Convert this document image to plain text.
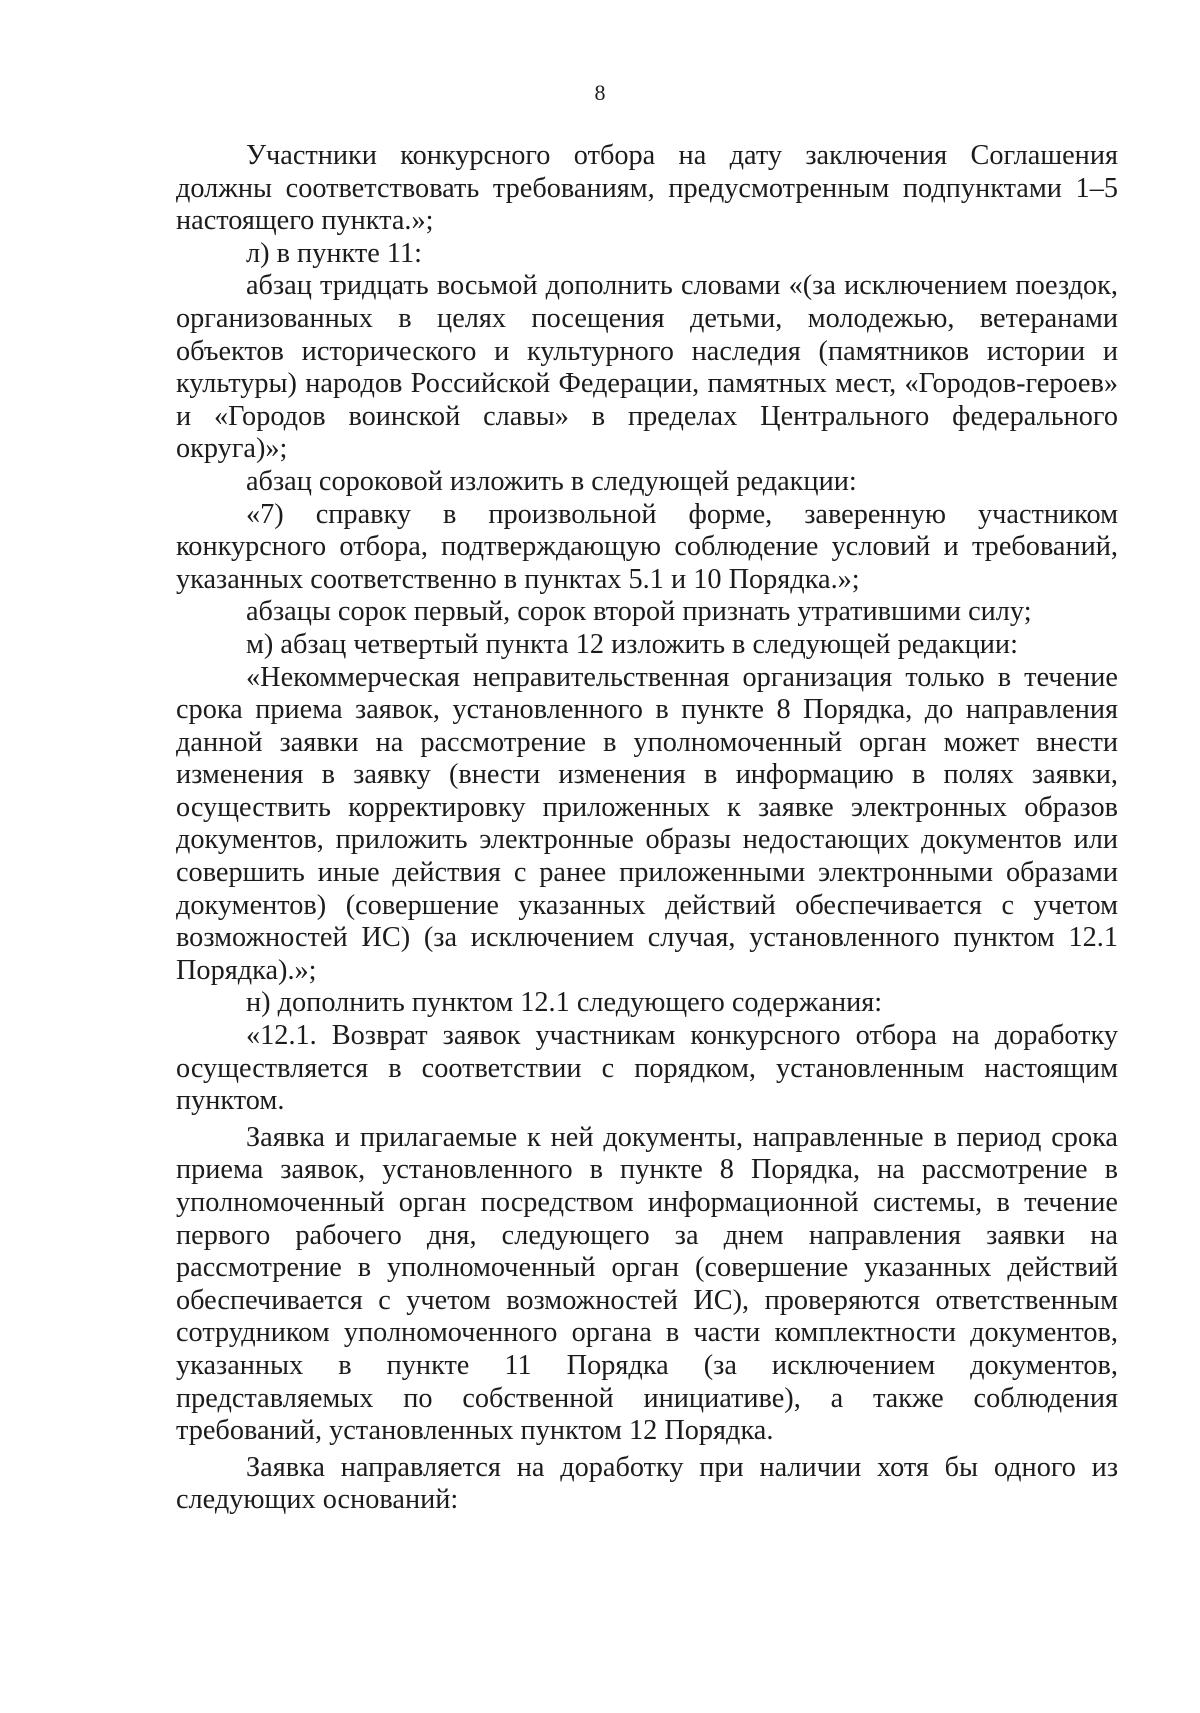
8

Участники конкурсного отбора на дату заключения Соглашения должны соответствовать требованиям, предусмотренным подпунктами 1–5 настоящего пункта.»;

л) в пункте 11:

абзац тридцать восьмой дополнить словами «(за исключением поездок, организованных в целях посещения детьми, молодежью, ветеранами объектов исторического и культурного наследия (памятников истории и культуры) народов Российской Федерации, памятных мест, «Городов-героев» и «Городов воинской славы» в пределах Центрального федерального округа)»;

абзац сороковой изложить в следующей редакции:

«7) справку в произвольной форме, заверенную участником конкурсного отбора, подтверждающую соблюдение условий и требований, указанных соответственно в пунктах 5.1 и 10 Порядка.»;

абзацы сорок первый, сорок второй признать утратившими силу;

м) абзац четвертый пункта 12 изложить в следующей редакции:

«Некоммерческая неправительственная организация только в течение срока приема заявок, установленного в пункте 8 Порядка, до направления данной заявки на рассмотрение в уполномоченный орган может внести изменения в заявку (внести изменения в информацию в полях заявки, осуществить корректировку приложенных к заявке электронных образов документов, приложить электронные образы недостающих документов или совершить иные действия с ранее приложенными электронными образами документов) (совершение указанных действий обеспечивается с учетом возможностей ИС) (за исключением случая, установленного пунктом 12.1 Порядка).»;

н) дополнить пунктом 12.1 следующего содержания:

«12.1. Возврат заявок участникам конкурсного отбора на доработку осуществляется в соответствии с порядком, установленным настоящим пунктом.

Заявка и прилагаемые к ней документы, направленные в период срока приема заявок, установленного в пункте 8 Порядка, на рассмотрение в уполномоченный орган посредством информационной системы, в течение первого рабочего дня, следующего за днем направления заявки на рассмотрение в уполномоченный орган (совершение указанных действий обеспечивается с учетом возможностей ИС), проверяются ответственным сотрудником уполномоченного органа в части комплектности документов, указанных в пункте 11 Порядка (за исключением документов, представляемых по собственной инициативе), а также соблюдения требований, установленных пунктом 12 Порядка.

Заявка направляется на доработку при наличии хотя бы одного из следующих оснований:
